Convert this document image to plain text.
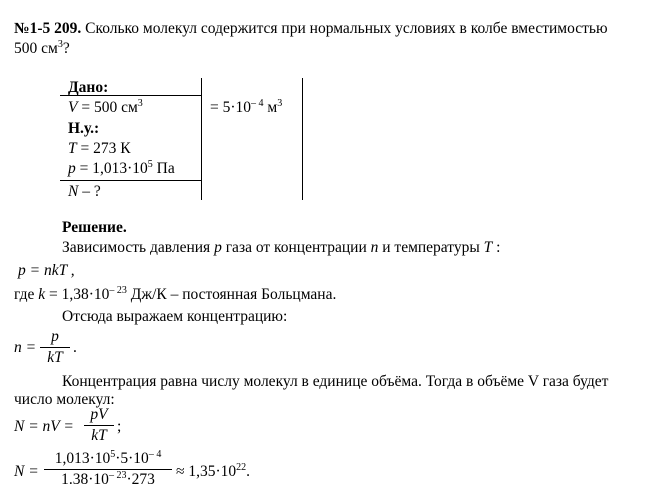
№1-5 209. Сколько молекул содержится при нормальных условиях в колбе вместимостью
500 $см^3$?
Дано:
V = 500 $см^3$	= $5\cdot 10^{- 4}$ $м^3$
Н.у.:
T = 273 К
$p = 1,013\cdot 10^5$ Па
N – ?
Решение.
Зависимость давления p газа от концентрации n и температуры T :
p = nkT ,
где $k = 1,38\cdot 10^{- 23}$ Дж/К – постоянная Больцмана.
Отсюда выражаем концентрацию:
n =
p
kT
.
Концентрация равна числу молекул в единице объёма. Тогда в объёме V газа будет
число молекул:
N = nV =
pV
kT
;
N =
$1,013\cdot 10^5\cdot 5\cdot 10^{- 4}$
$1.38\cdot 10^{- 23}\cdot 273$	≈ $1,35\cdot 10^{22}$.
